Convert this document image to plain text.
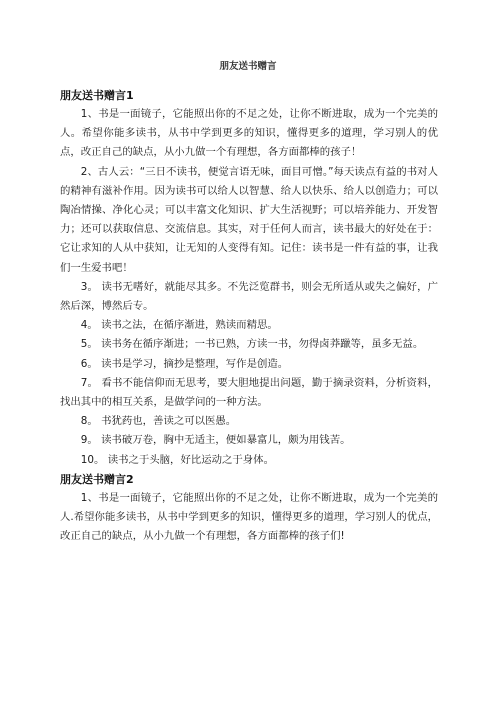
朋友送书赠言
朋友送书赠言1

1、书是一面镜子，它能照出你的不足之处，让你不断进取，成为一个完美的人。希望你能多读书，从书中学到更多的知识，懂得更多的道理，学习别人的优点，改正自己的缺点，从小九做一个有理想，各方面都棒的孩子！

2、古人云：“三日不读书，便觉言语无味，面目可憎。”每天读点有益的书对人的精神有滋补作用。因为读书可以给人以智慧、给人以快乐、给人以创造力；可以陶冶情操、净化心灵；可以丰富文化知识、扩大生活视野；可以培养能力、开发智力；还可以获取信息、交流信息。其实，对于任何人而言，读书最大的好处在于：它让求知的人从中获知，让无知的人变得有知。记住：读书是一件有益的事，让我们一生爱书吧！

3。 读书无嗜好，就能尽其多。不先泛览群书，则会无所适从或失之偏好，广然后深，博然后专。

4。 读书之法，在循序渐进，熟读而精思。

5。 读书务在循序渐进；一书已熟，方读一书，勿得卤莽躐等，虽多无益。

6。 读书是学习，摘抄是整理，写作是创造。

7。 看书不能信仰而无思考，要大胆地提出问题，勤于摘录资料，分析资料，找出其中的相互关系，是做学问的一种方法。

8。 书犹药也，善读之可以医愚。

9。 读书破万卷，胸中无适主，便如暴富儿，颇为用钱苦。

10。 读书之于头脑，好比运动之于身体。

朋友送书赠言2

1、书是一面镜子，它能照出你的不足之处，让你不断进取，成为一个完美的人.希望你能多读书，从书中学到更多的知识，懂得更多的道理，学习别人的优点，改正自己的缺点，从小九做一个有理想，各方面都棒的孩子们!
